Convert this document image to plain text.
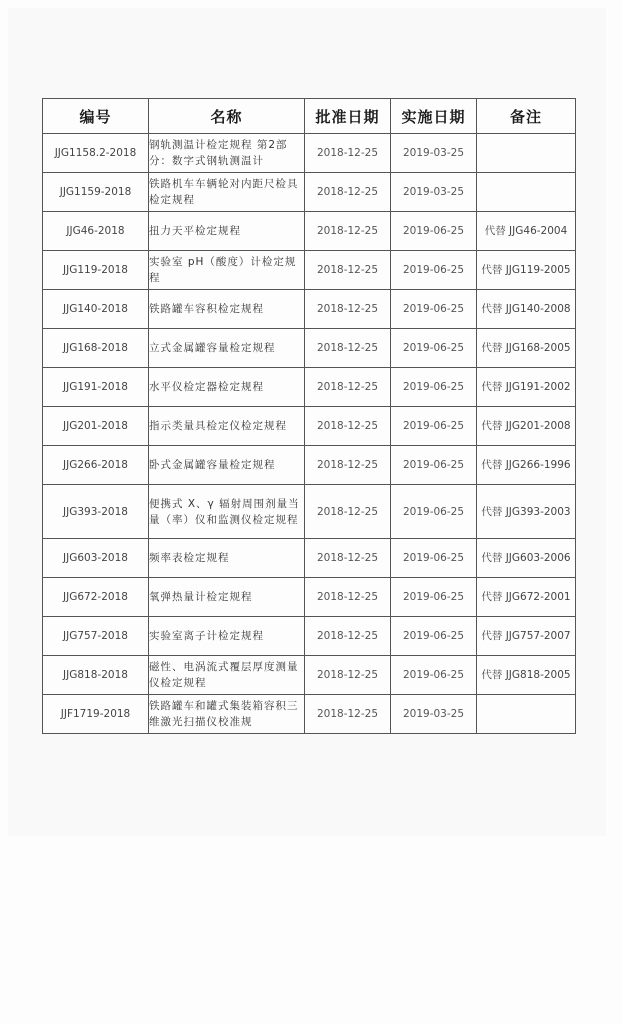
编号	名称	批准日期	实施日期	备注
JJG1158.2-2018	钢轨测温计检定规程 第2部分：数字式钢轨测温计	2018-12-25	2019-03-25	
JJG1159-2018	铁路机车车辆轮对内距尺检具检定规程	2018-12-25	2019-03-25	
JJG46-2018	扭力天平检定规程	2018-12-25	2019-06-25	代替 JJG46-2004
JJG119-2018	实验室 pH（酸度）计检定规程	2018-12-25	2019-06-25	代替 JJG119-2005
JJG140-2018	铁路罐车容积检定规程	2018-12-25	2019-06-25	代替 JJG140-2008
JJG168-2018	立式金属罐容量检定规程	2018-12-25	2019-06-25	代替 JJG168-2005
JJG191-2018	水平仪检定器检定规程	2018-12-25	2019-06-25	代替 JJG191-2002
JJG201-2018	指示类量具检定仪检定规程	2018-12-25	2019-06-25	代替 JJG201-2008
JJG266-2018	卧式金属罐容量检定规程	2018-12-25	2019-06-25	代替 JJG266-1996
JJG393-2018	便携式 X、γ 辐射周围剂量当量（率）仪和监测仪检定规程	2018-12-25	2019-06-25	代替 JJG393-2003
JJG603-2018	频率表检定规程	2018-12-25	2019-06-25	代替 JJG603-2006
JJG672-2018	氧弹热量计检定规程	2018-12-25	2019-06-25	代替 JJG672-2001
JJG757-2018	实验室离子计检定规程	2018-12-25	2019-06-25	代替 JJG757-2007
JJG818-2018	磁性、电涡流式覆层厚度测量仪检定规程	2018-12-25	2019-06-25	代替 JJG818-2005
JJF1719-2018	铁路罐车和罐式集装箱容积三维激光扫描仪校准规	2018-12-25	2019-03-25	
